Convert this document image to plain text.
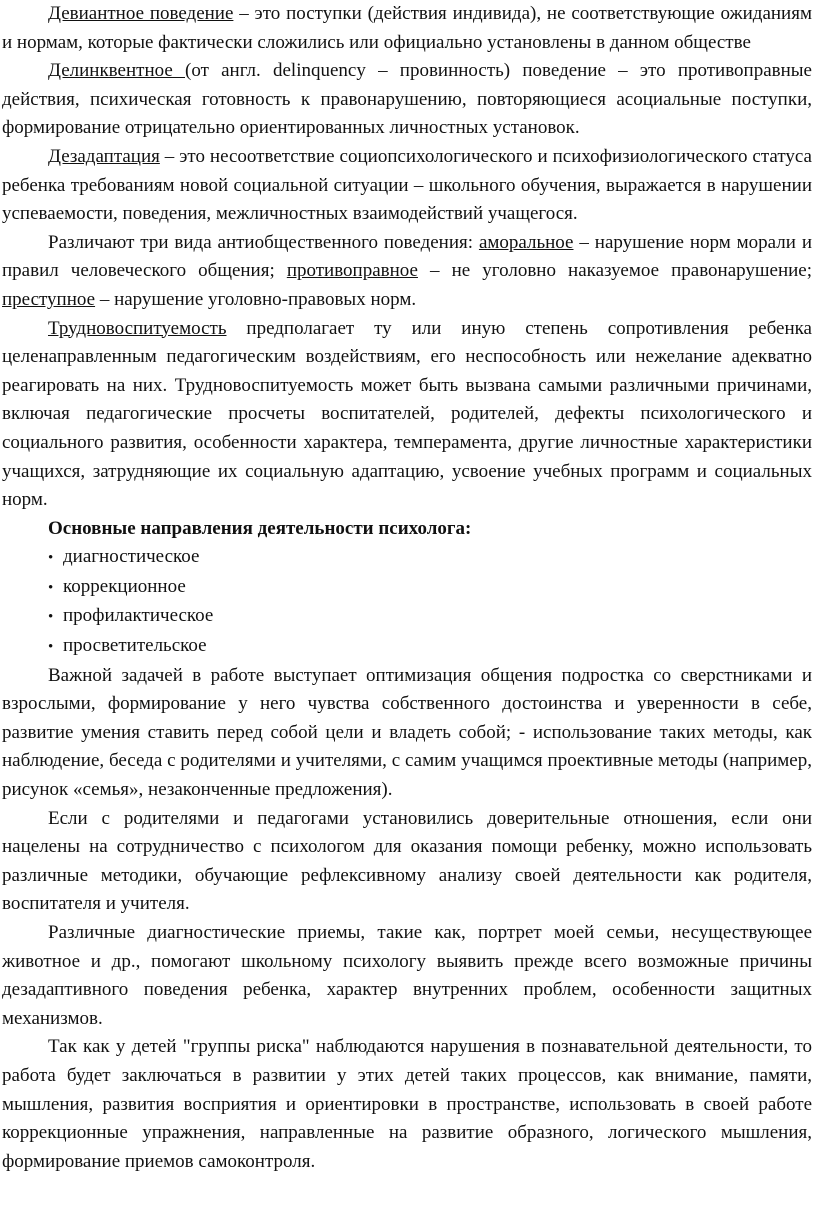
Девиантное поведение – это поступки (действия индивида), не соответствующие ожиданиям и нормам, которые фактически сложились или официально установлены в данном обществе

Делинквентное (от англ. delinquency – провинность) поведение – это противоправные действия, психическая готовность к правонарушению, повторяющиеся асоциальные поступки, формирование отрицательно ориентированных личностных установок.

Дезадаптация – это несоответствие социопсихологического и психофизиологического статуса ребенка требованиям новой социальной ситуации – школьного обучения, выражается в нарушении успеваемости, поведения, межличностных взаимодействий учащегося.

Различают три вида антиобщественного поведения: аморальное – нарушение норм морали и правил человеческого общения; противоправное – не уголовно наказуемое правонарушение; преступное – нарушение уголовно-правовых норм.

Трудновоспитуемость предполагает ту или иную степень сопротивления ребенка целенаправленным педагогическим воздействиям, его неспособность или нежелание адекватно реагировать на них. Трудновоспитуемость может быть вызвана самыми различными причинами, включая педагогические просчеты воспитателей, родителей, дефекты психологического и социального развития, особенности характера, темперамента, другие личностные характеристики учащихся, затрудняющие их социальную адаптацию, усвоение учебных программ и социальных норм.

Основные направления деятельности психолога:

• диагностическое
• коррекционное
• профилактическое
• просветительское

Важной задачей в работе выступает оптимизация общения подростка со сверстниками и взрослыми, формирование у него чувства собственного достоинства и уверенности в себе, развитие умения ставить перед собой цели и владеть собой; - использование таких методы, как наблюдение, беседа с родителями и учителями, с самим учащимся проективные методы (например, рисунок «семья», незаконченные предложения).

Если с родителями и педагогами установились доверительные отношения, если они нацелены на сотрудничество с психологом для оказания помощи ребенку, можно использовать различные методики, обучающие рефлексивному анализу своей деятельности как родителя, воспитателя и учителя.

Различные диагностические приемы, такие как, портрет моей семьи, несуществующее животное и др., помогают школьному психологу выявить прежде всего возможные причины дезадаптивного поведения ребенка, характер внутренних проблем, особенности защитных механизмов.

Так как у детей "группы риска" наблюдаются нарушения в познавательной деятельности, то работа будет заключаться в развитии у этих детей таких процессов, как внимание, памяти, мышления, развития восприятия и ориентировки в пространстве, использовать в своей работе коррекционные упражнения, направленные на развитие образного, логического мышления, формирование приемов самоконтроля.
